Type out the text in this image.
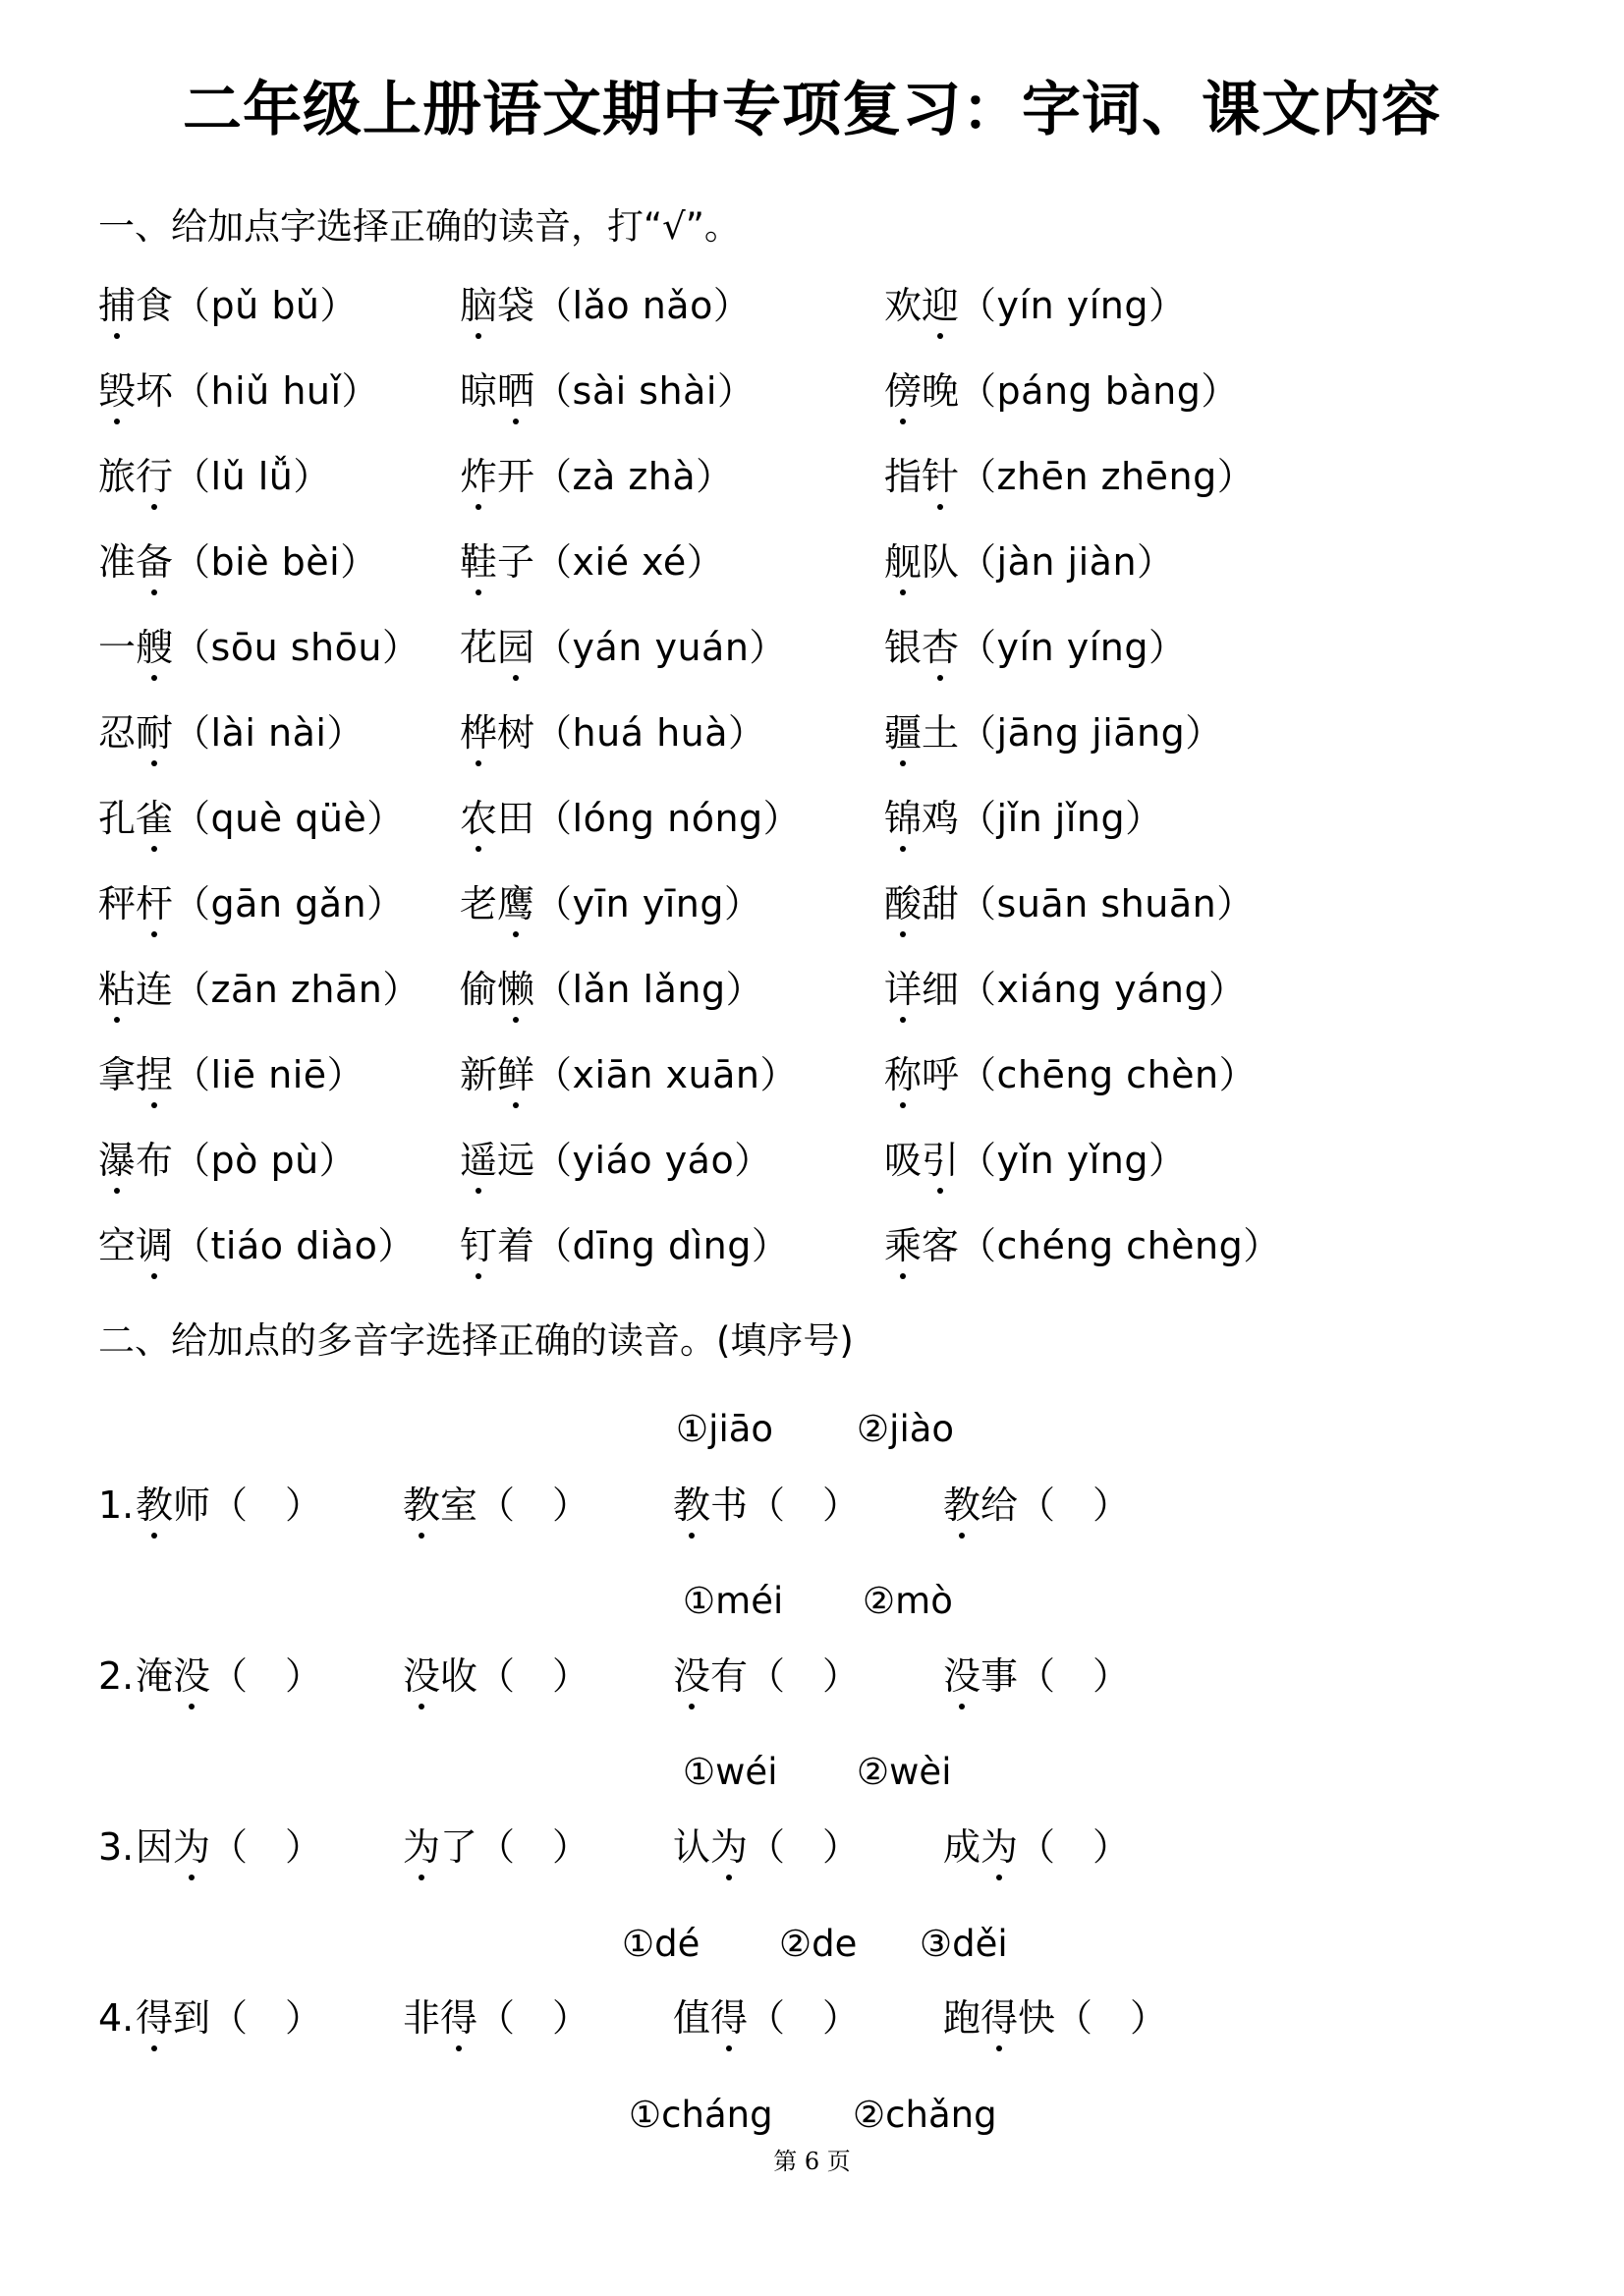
二年级上册语文期中专项复习：字词、课文内容
一、给加点字选择正确的读音，打“√”。
捕食（pǔ bǔ）	脑袋（lǎo nǎo）	欢迎（yín yíng）
毁坏（hiǔ huǐ） 晾晒（sài shài）	傍晚（páng bàng）
旅行（lǔ lǚ）	炸开（zà zhà）	指针（zhēn zhēng）
准备（biè bèi） 鞋子（xié xé）	舰队（jàn jiàn）
一艘（sōu shōu） 花园（yán yuán）	银杏（yín yíng）
忍耐（lài nài）	桦树（huá huà）	疆土（jāng jiāng）
孔雀（què qüè） 农田（lóng nóng） 锦鸡（jǐn jǐng）
秤杆（gān gǎn） 老鹰（yīn yīng）	酸甜（suān shuān）
粘连（zān zhān） 偷懒（lǎn lǎng）	详细（xiáng yáng）
拿捏（liē niē）	新鲜（xiān xuān） 称呼（chēng chèn）
瀑布（pò pù）	遥远（yiáo yáo）	吸引（yǐn yǐng）
空调（tiáo diào） 钉着（dīng dìng）	乘客（chéng chèng）
二、给加点的多音字选择正确的读音。(填序号)
①jiāo ②jiào
1. 教师（　） 教室（　） 教书（　） 教给（　）
①méi ②mò
2. 淹没（　） 没收（　） 没有（　） 没事（　）
①wéi ②wèi
3. 因为（　） 为了（　） 认为（　） 成为（　）
①dé ②de ③děi
4. 得到（　） 非得（　） 值得（　） 跑得快（　）
①cháng ②chǎng
第 6 页
